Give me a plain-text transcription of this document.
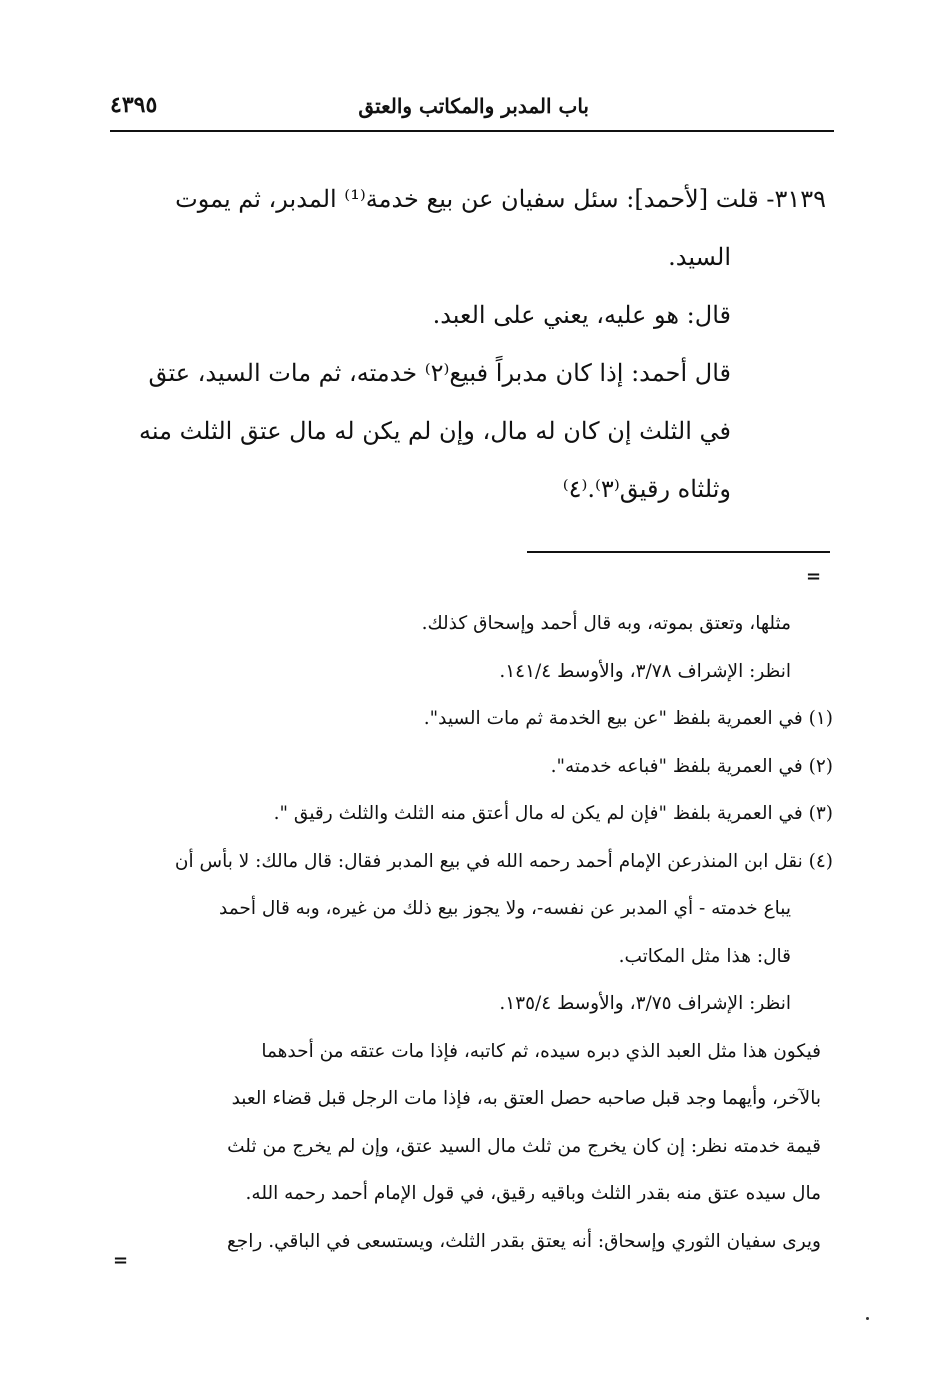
باب المدبر والمكاتب والعتق
٤٣٩٥

٣١٣٩- قلت [لأحمد]: سئل سفيان عن بيع خدمة⁽¹⁾ المدبر، ثم يموت

السيد.

قال: هو عليه، يعني على العبد.

قال أحمد: إذا كان مدبراً فبيع⁽٢⁾ خدمته، ثم مات السيد، عتق

في الثلث إن كان له مال، وإن لم يكن له مال عتق الثلث منه

وثلثاه رقيق⁽٣⁾.⁽٤⁾

=

مثلها، وتعتق بموته، وبه قال أحمد وإسحاق كذلك.

انظر: الإشراف ٣/٧٨، والأوسط ١٤١/٤.

(١) في العمرية بلفظ "عن بيع الخدمة ثم مات السيد".

(٢) في العمرية بلفظ "فباعه خدمته".

(٣) في العمرية بلفظ "فإن لم يكن له مال أعتق منه الثلث والثلث رقيق ".

(٤) نقل ابن المنذرعن الإمام أحمد رحمه الله في بيع المدبر فقال: قال مالك: لا بأس أن

يباع خدمته - أي المدبر عن نفسه-، ولا يجوز بيع ذلك من غيره، وبه قال أحمد

قال: هذا مثل المكاتب.

انظر: الإشراف ٣/٧٥، والأوسط ١٣٥/٤.

فيكون هذا مثل العبد الذي دبره سيده، ثم كاتبه، فإذا مات عتقه من أحدهما

بالآخر، وأيهما وجد قبل صاحبه حصل العتق به، فإذا مات الرجل قبل قضاء العبد

قيمة خدمته نظر: إن كان يخرج من ثلث مال السيد عتق، وإن لم يخرج من ثلث

مال سيده عتق منه بقدر الثلث وباقيه رقيق، في قول الإمام أحمد رحمه الله.

ويرى سفيان الثوري وإسحاق: أنه يعتق بقدر الثلث، ويستسعى في الباقي. راجع

=
